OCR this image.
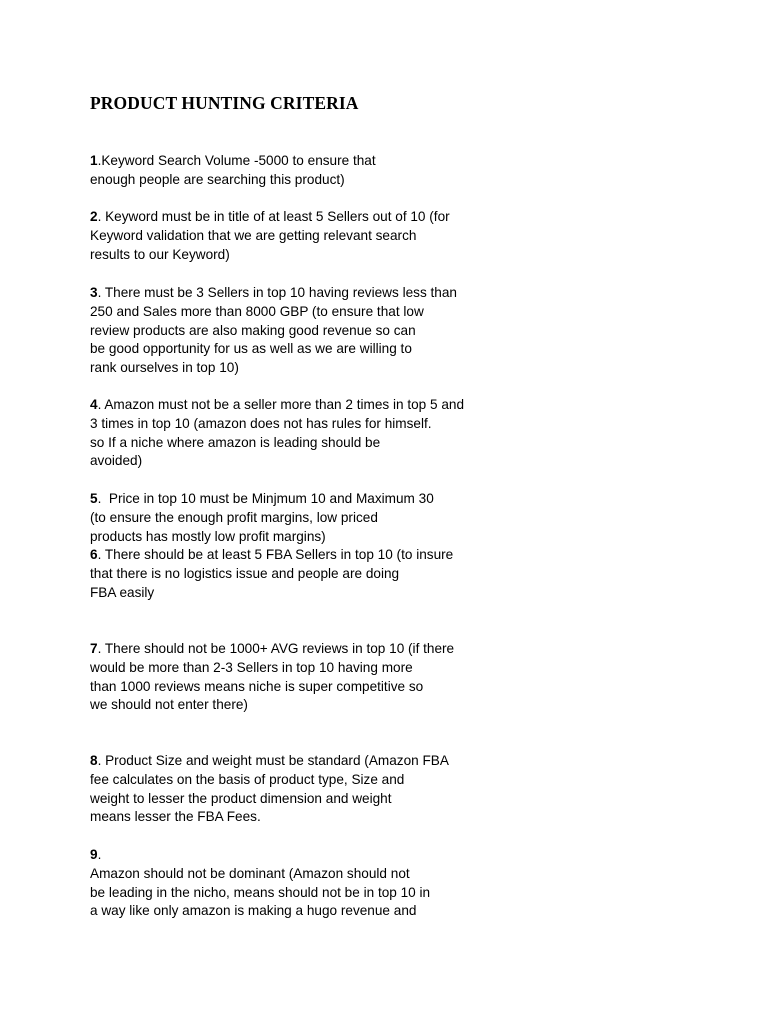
PRODUCT HUNTING CRITERIA
1.Keyword Search Volume -5000 to ensure that
enough people are searching this product)
2. Keyword must be in title of at least 5 Sellers out of 10 (for
Keyword validation that we are getting relevant search
results to our Keyword)
3. There must be 3 Sellers in top 10 having reviews less than
250 and Sales more than 8000 GBP (to ensure that low
review products are also making good revenue so can
be good opportunity for us as well as we are willing to
rank ourselves in top 10)
4. Amazon must not be a seller more than 2 times in top 5 and
3 times in top 10 (amazon does not has rules for himself.
so If a niche where amazon is leading should be
avoided)
5.  Price in top 10 must be Minjmum 10 and Maximum 30
(to ensure the enough profit margins, low priced
products has mostly low profit margins)
6. There should be at least 5 FBA Sellers in top 10 (to insure
that there is no logistics issue and people are doing
FBA easily
7. There should not be 1000+ AVG reviews in top 10 (if there
would be more than 2-3 Sellers in top 10 having more
than 1000 reviews means niche is super competitive so
we should not enter there)
8. Product Size and weight must be standard (Amazon FBA
fee calculates on the basis of product type, Size and
weight to lesser the product dimension and weight
means lesser the FBA Fees.
9.
Amazon should not be dominant (Amazon should not
be leading in the nicho, means should not be in top 10 in
a way like only amazon is making a hugo revenue and
